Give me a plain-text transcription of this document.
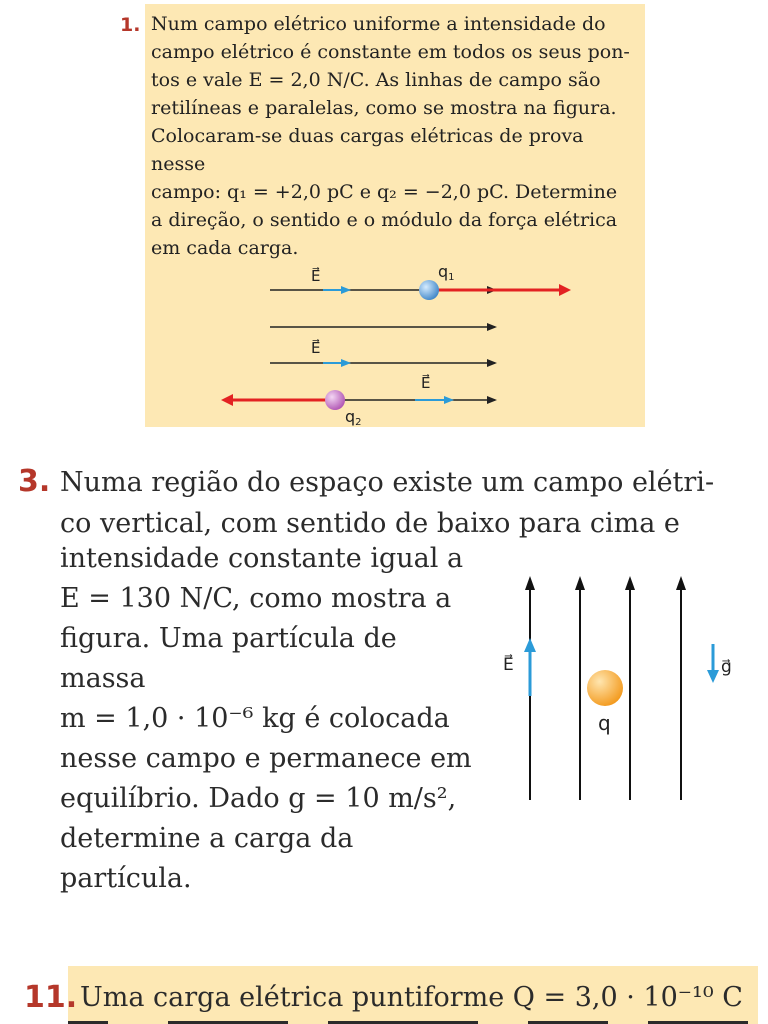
1. Num campo elétrico uniforme a intensidade do
campo elétrico é constante em todos os seus pon-
tos e vale E = 2,0 N/C. As linhas de campo são
retilíneas e paralelas, como se mostra na figura.
Colocaram-se duas cargas elétricas de prova nesse
campo: q₁ = +2,0 pC e q₂ = −2,0 pC. Determine
a direção, o sentido e o módulo da força elétrica
em cada carga.

E⃗	q1
E⃗
E⃗
q2
3. Numa região do espaço existe um campo elétri-
co vertical, com sentido de baixo para cima e

intensidade constante igual a
E = 130 N/C, como mostra a
figura. Uma partícula de massa
m = 1,0 · 10⁻⁶ kg é colocada
nesse campo e permanece em
equilíbrio. Dado g = 10 m/s²,
determine a carga da partícula.

E⃗	g⃗
q
11. Uma carga elétrica puntiforme Q = 3,0 · 10⁻¹⁰ C
